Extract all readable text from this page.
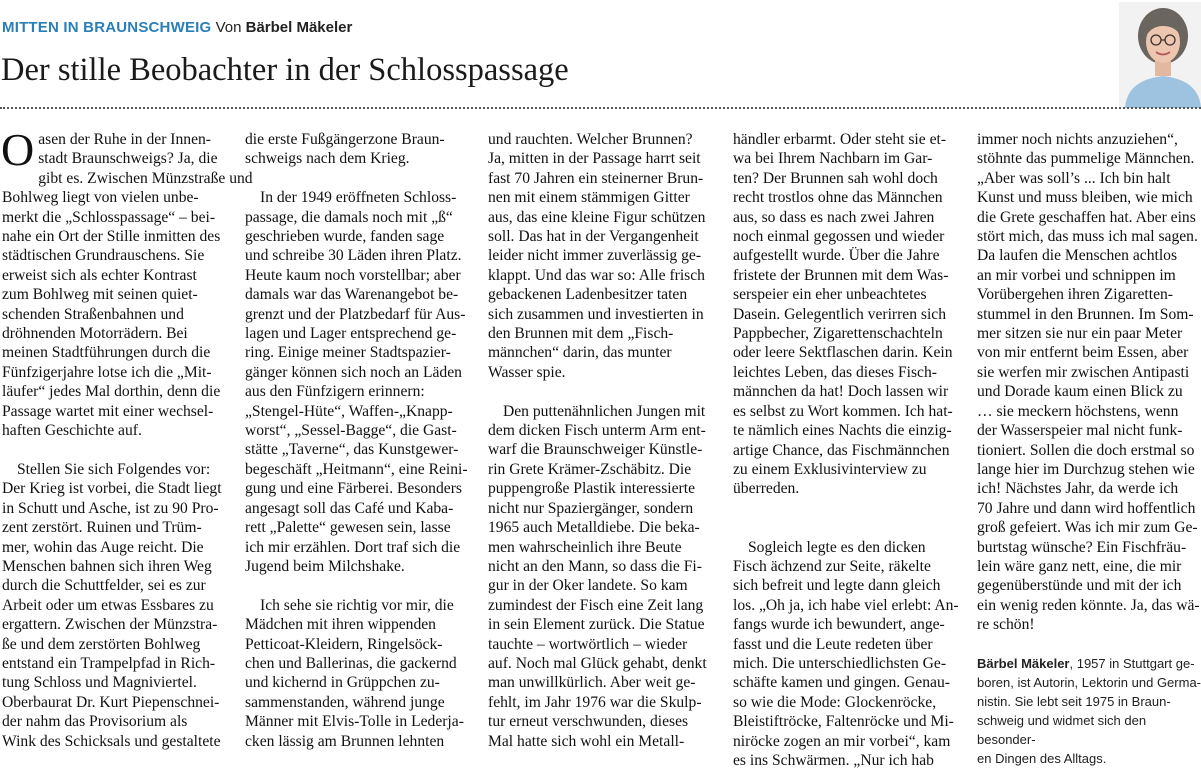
MITTEN IN BRAUNSCHWEIG Von Bärbel Mäkeler
Der stille Beobachter in der Schlosspassage
O asen der Ruhe in der Innen-

stadt Braunschweigs? Ja, die

gibt es. Zwischen Münzstraße und

Bohlweg liegt von vielen unbe-

merkt die „Schlosspassage“ – bei-

nahe ein Ort der Stille inmitten des

städtischen Grundrauschens. Sie

erweist sich als echter Kontrast

zum Bohlweg mit seinen quiet-

schenden Straßenbahnen und

dröhnenden Motorrädern. Bei

meinen Stadtführungen durch die

Fünfzigerjahre lotse ich die „Mit-

läufer“ jedes Mal dorthin, denn die

Passage wartet mit einer wechsel-

haften Geschichte auf.

Stellen Sie sich Folgendes vor:

Der Krieg ist vorbei, die Stadt liegt

in Schutt und Asche, ist zu 90 Pro-

zent zerstört. Ruinen und Trüm-

mer, wohin das Auge reicht. Die

Menschen bahnen sich ihren Weg

durch die Schuttfelder, sei es zur

Arbeit oder um etwas Essbares zu

ergattern. Zwischen der Münzstra-

ße und dem zerstörten Bohlweg

entstand ein Trampelpfad in Rich-

tung Schloss und Magniviertel.

Oberbaurat Dr. Kurt Piepenschnei-

der nahm das Provisorium als

Wink des Schicksals und gestaltete

die erste Fußgängerzone Braun-

schweigs nach dem Krieg.

In der 1949 eröffneten Schloss-

passage, die damals noch mit „ß“

geschrieben wurde, fanden sage

und schreibe 30 Läden ihren Platz.

Heute kaum noch vorstellbar; aber

damals war das Warenangebot be-

grenzt und der Platzbedarf für Aus-

lagen und Lager entsprechend ge-

ring. Einige meiner Stadtspazier-

gänger können sich noch an Läden

aus den Fünfzigern erinnern:

„Stengel-Hüte“, Waffen-„Knapp-

worst“, „Sessel-Bagge“, die Gast-

stätte „Taverne“, das Kunstgewer-

begeschäft „Heitmann“, eine Reini-

gung und eine Färberei. Besonders

angesagt soll das Café und Kaba-

rett „Palette“ gewesen sein, lasse

ich mir erzählen. Dort traf sich die

Jugend beim Milchshake.

Ich sehe sie richtig vor mir, die

Mädchen mit ihren wippenden

Petticoat-Kleidern, Ringelsöck-

chen und Ballerinas, die gackernd

und kichernd in Grüppchen zu-

sammenstanden, während junge

Männer mit Elvis-Tolle in Lederja-

cken lässig am Brunnen lehnten

und rauchten. Welcher Brunnen?

Ja, mitten in der Passage harrt seit

fast 70 Jahren ein steinerner Brun-

nen mit einem stämmigen Gitter

aus, das eine kleine Figur schützen

soll. Das hat in der Vergangenheit

leider nicht immer zuverlässig ge-

klappt. Und das war so: Alle frisch

gebackenen Ladenbesitzer taten

sich zusammen und investierten in

den Brunnen mit dem „Fisch-

männchen“ darin, das munter

Wasser spie.

Den puttenähnlichen Jungen mit

dem dicken Fisch unterm Arm ent-

warf die Braunschweiger Künstle-

rin Grete Krämer-Zschäbitz. Die

puppengroße Plastik interessierte

nicht nur Spaziergänger, sondern

1965 auch Metalldiebe. Die beka-

men wahrscheinlich ihre Beute

nicht an den Mann, so dass die Fi-

gur in der Oker landete. So kam

zumindest der Fisch eine Zeit lang

in sein Element zurück. Die Statue

tauchte – wortwörtlich – wieder

auf. Noch mal Glück gehabt, denkt

man unwillkürlich. Aber weit ge-

fehlt, im Jahr 1976 war die Skulp-

tur erneut verschwunden, dieses

Mal hatte sich wohl ein Metall-

händler erbarmt. Oder steht sie et-

wa bei Ihrem Nachbarn im Gar-

ten? Der Brunnen sah wohl doch

recht trostlos ohne das Männchen

aus, so dass es nach zwei Jahren

noch einmal gegossen und wieder

aufgestellt wurde. Über die Jahre

fristete der Brunnen mit dem Was-

serspeier ein eher unbeachtetes

Dasein. Gelegentlich verirren sich

Pappbecher, Zigarettenschachteln

oder leere Sektflaschen darin. Kein

leichtes Leben, das dieses Fisch-

männchen da hat! Doch lassen wir

es selbst zu Wort kommen. Ich hat-

te nämlich eines Nachts die einzig-

artige Chance, das Fischmännchen

zu einem Exklusivinterview zu

überreden.

Sogleich legte es den dicken

Fisch ächzend zur Seite, räkelte

sich befreit und legte dann gleich

los. „Oh ja, ich habe viel erlebt: An-

fangs wurde ich bewundert, ange-

fasst und die Leute redeten über

mich. Die unterschiedlichsten Ge-

schäfte kamen und gingen. Genau-

so wie die Mode: Glockenröcke,

Bleistiftröcke, Faltenröcke und Mi-

niröcke zogen an mir vorbei“, kam

es ins Schwärmen. „Nur ich hab

immer noch nichts anzuziehen“,

stöhnte das pummelige Männchen.

„Aber was soll’s ... Ich bin halt

Kunst und muss bleiben, wie mich

die Grete geschaffen hat. Aber eins

stört mich, das muss ich mal sagen.

Da laufen die Menschen achtlos

an mir vorbei und schnippen im

Vorübergehen ihren Zigaretten-

stummel in den Brunnen. Im Som-

mer sitzen sie nur ein paar Meter

von mir entfernt beim Essen, aber

sie werfen mir zwischen Antipasti

und Dorade kaum einen Blick zu

… sie meckern höchstens, wenn

der Wasserspeier mal nicht funk-

tioniert. Sollen die doch erstmal so

lange hier im Durchzug stehen wie

ich! Nächstes Jahr, da werde ich

70 Jahre und dann wird hoffentlich

groß gefeiert. Was ich mir zum Ge-

burtstag wünsche? Ein Fischfräu-

lein wäre ganz nett, eine, die mir

gegenüberstünde und mit der ich

ein wenig reden könnte. Ja, das wä-

re schön!

Bärbel Mäkeler, 1957 in Stuttgart ge-
boren, ist Autorin, Lektorin und Germa-
nistin. Sie lebt seit 1975 in Braun-
schweig und widmet sich den besonder-
en Dingen des Alltags.
